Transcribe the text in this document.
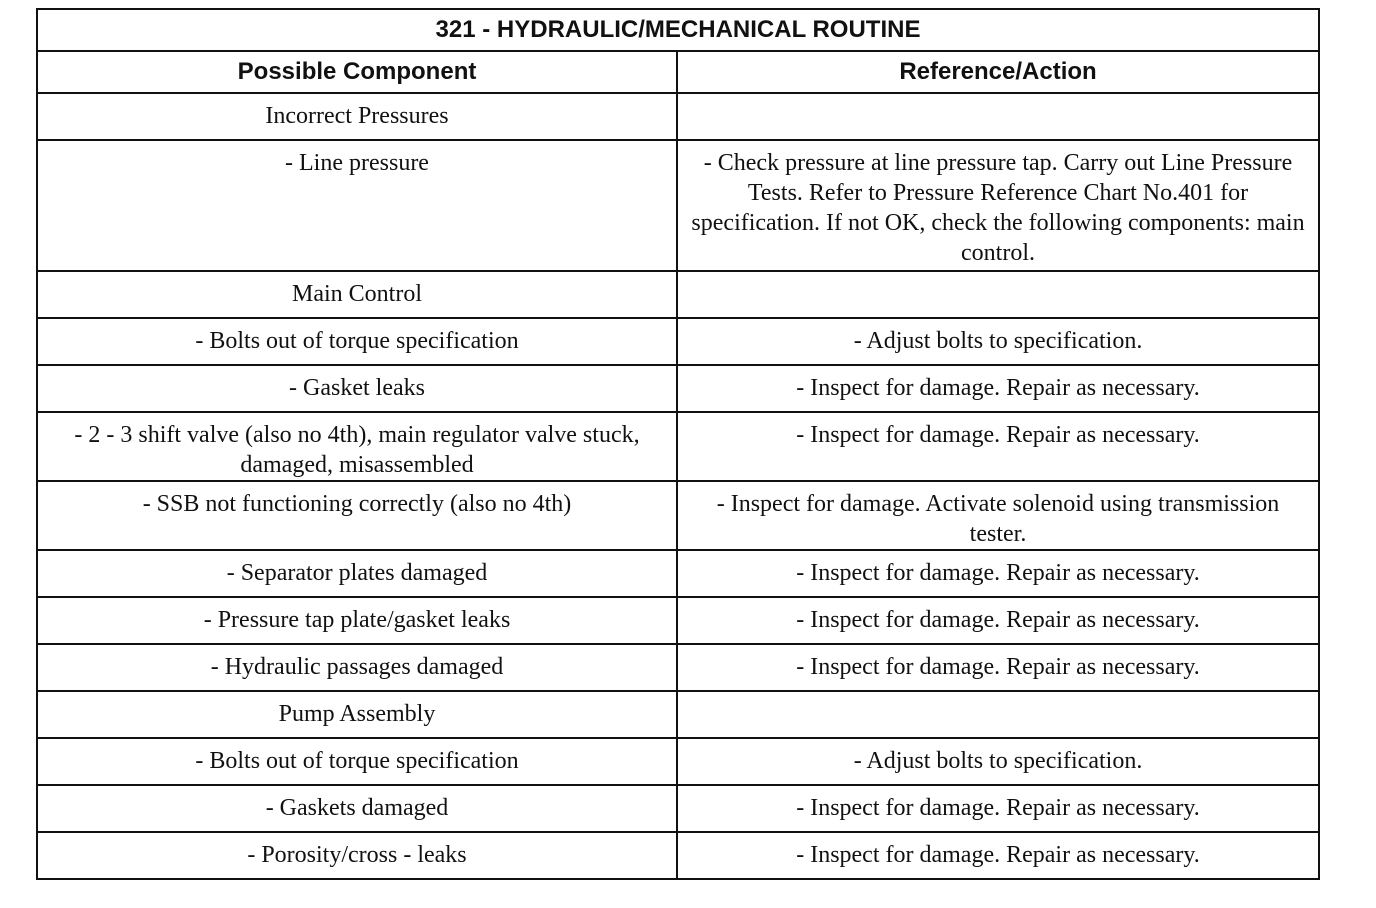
321 - HYDRAULIC/MECHANICAL ROUTINE	
Possible Component	Reference/Action
Incorrect Pressures	
- Line pressure	- Check pressure at line pressure tap. Carry out Line Pressure Tests. Refer to Pressure Reference Chart No.401 for specification. If not OK, check the following components: main control.
Main Control	
- Bolts out of torque specification	- Adjust bolts to specification.
- Gasket leaks	- Inspect for damage. Repair as necessary.
- 2 - 3 shift valve (also no 4th), main regulator valve stuck, damaged, misassembled	- Inspect for damage. Repair as necessary.
- SSB not functioning correctly (also no 4th)	- Inspect for damage. Activate solenoid using transmission tester.
- Separator plates damaged	- Inspect for damage. Repair as necessary.
- Pressure tap plate/gasket leaks	- Inspect for damage. Repair as necessary.
- Hydraulic passages damaged	- Inspect for damage. Repair as necessary.
Pump Assembly	
- Bolts out of torque specification	- Adjust bolts to specification.
- Gaskets damaged	- Inspect for damage. Repair as necessary.
- Porosity/cross - leaks	- Inspect for damage. Repair as necessary.
